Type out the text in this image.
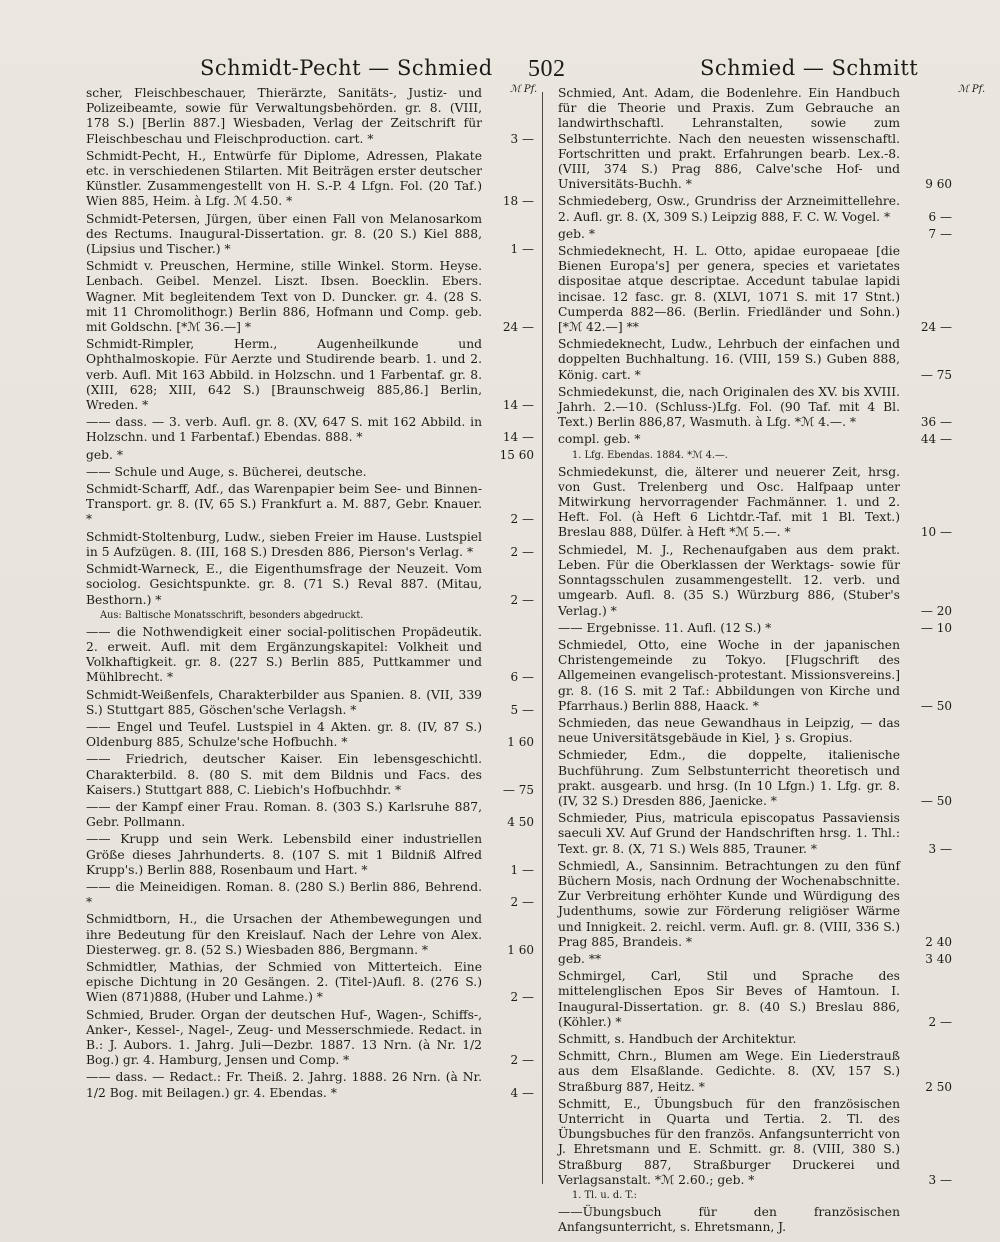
Schmidt-Pecht — Schmied 502	Schmied — Schmitt
ℳ Pf.	ℳ Pf.
scher, Fleischbeschauer, Thierärzte, Sanitäts-, Justiz- und Polizeibeamte, sowie für Verwaltungsbehörden. gr. 8. (VIII, 178 S.) [Berlin 887.] Wiesbaden, Verlag der Zeitschrift für Fleischbeschau und Fleischproduction. cart. *	3 —
Schmidt-Pecht, H., Entwürfe für Diplome, Adressen, Plakate etc. in verschiedenen Stilarten. Mit Beiträgen erster deutscher Künstler. Zusammengestellt von H. S.-P. 4 Lfgn. Fol. (20 Taf.) Wien 885, Heim. à Lfg. ℳ 4.50. *	18 —
Schmidt-Petersen, Jürgen, über einen Fall von Melanosarkom des Rectums. Inaugural-Dissertation. gr. 8. (20 S.) Kiel 888, (Lipsius und Tischer.) *	1 —
Schmidt v. Preuschen, Hermine, stille Winkel. Storm. Heyse. Lenbach. Geibel. Menzel. Liszt. Ibsen. Boecklin. Ebers. Wagner. Mit begleitendem Text von D. Duncker. gr. 4. (28 S. mit 11 Chromolithogr.) Berlin 886, Hofmann und Comp. geb. mit Goldschn. [*ℳ 36.—] *	24 —
Schmidt-Rimpler, Herm., Augenheilkunde und Ophthalmoskopie. Für Aerzte und Studirende bearb. 1. und 2. verb. Aufl. Mit 163 Abbild. in Holzschn. und 1 Farbentaf. gr. 8. (XIII, 628; XIII, 642 S.) [Braunschweig 885,86.] Berlin, Wreden. *	14 —
—— dass. — 3. verb. Aufl. gr. 8. (XV, 647 S. mit 162 Abbild. in Holzschn. und 1 Farbentaf.) Ebendas. 888. *	14 —
geb. *	15 60
—— Schule und Auge, s. Bücherei, deutsche.
Schmidt-Scharff, Adf., das Warenpapier beim See- und Binnen-Transport. gr. 8. (IV, 65 S.) Frankfurt a. M. 887, Gebr. Knauer. *	2 —
Schmidt-Stoltenburg, Ludw., sieben Freier im Hause. Lustspiel in 5 Aufzügen. 8. (III, 168 S.) Dresden 886, Pierson's Verlag. *	2 —
Schmidt-Warneck, E., die Eigenthumsfrage der Neuzeit. Vom sociolog. Gesichtspunkte. gr. 8. (71 S.) Reval 887. (Mitau, Besthorn.) *	2 —
Aus: Baltische Monatsschrift, besonders abgedruckt.
—— die Nothwendigkeit einer social-politischen Propädeutik. 2. erweit. Aufl. mit dem Ergänzungskapitel: Volkheit und Volkhaftigkeit. gr. 8. (227 S.) Berlin 885, Puttkammer und Mühlbrecht. *	6 —
Schmidt-Weißenfels, Charakterbilder aus Spanien. 8. (VII, 339 S.) Stuttgart 885, Göschen'sche Verlagsh. *	5 —
—— Engel und Teufel. Lustspiel in 4 Akten. gr. 8. (IV, 87 S.) Oldenburg 885, Schulze'sche Hofbuchh. *	1 60
—— Friedrich, deutscher Kaiser. Ein lebensgeschichtl. Charakterbild. 8. (80 S. mit dem Bildnis und Facs. des Kaisers.) Stuttgart 888, C. Liebich's Hofbuchhdr. *	— 75
—— der Kampf einer Frau. Roman. 8. (303 S.) Karlsruhe 887, Gebr. Pollmann.	4 50
—— Krupp und sein Werk. Lebensbild einer industriellen Größe dieses Jahrhunderts. 8. (107 S. mit 1 Bildniß Alfred Krupp's.) Berlin 888, Rosenbaum und Hart. *	1 —
—— die Meineidigen. Roman. 8. (280 S.) Berlin 886, Behrend. *	2 —
Schmidtborn, H., die Ursachen der Athembewegungen und ihre Bedeutung für den Kreislauf. Nach der Lehre von Alex. Diesterweg. gr. 8. (52 S.) Wiesbaden 886, Bergmann. *	1 60
Schmidtler, Mathias, der Schmied von Mitterteich. Eine epische Dichtung in 20 Gesängen. 2. (Titel-)Aufl. 8. (276 S.) Wien (871)888, (Huber und Lahme.) *	2 —
Schmied, Bruder. Organ der deutschen Huf-, Wagen-, Schiffs-, Anker-, Kessel-, Nagel-, Zeug- und Messerschmiede. Redact. in B.: J. Aubors. 1. Jahrg. Juli—Dezbr. 1887. 13 Nrn. (à Nr. 1/2 Bog.) gr. 4. Hamburg, Jensen und Comp. *	2 —
—— dass. — Redact.: Fr. Theiß. 2. Jahrg. 1888. 26 Nrn. (à Nr. 1/2 Bog. mit Beilagen.) gr. 4. Ebendas. *	4 —
Schmied, Ant. Adam, die Bodenlehre. Ein Handbuch für die Theorie und Praxis. Zum Gebrauche an landwirthschaftl. Lehranstalten, sowie zum Selbstunterrichte. Nach den neuesten wissenschaftl. Fortschritten und prakt. Erfahrungen bearb. Lex.-8. (VIII, 374 S.) Prag 886, Calve'sche Hof- und Universitäts-Buchh. *	9 60
Schmiedeberg, Osw., Grundriss der Arzneimittellehre. 2. Aufl. gr. 8. (X, 309 S.) Leipzig 888, F. C. W. Vogel. *	6 —
geb. *	7 —
Schmiedeknecht, H. L. Otto, apidae europaeae [die Bienen Europa's] per genera, species et varietates dispositae atque descriptae. Accedunt tabulae lapidi incisae. 12 fasc. gr. 8. (XLVI, 1071 S. mit 17 Stnt.) Cumperda 882—86. (Berlin. Friedländer und Sohn.) [*ℳ 42.—] **	24 —
Schmiedeknecht, Ludw., Lehrbuch der einfachen und doppelten Buchhaltung. 16. (VIII, 159 S.) Guben 888, König. cart. *	— 75
Schmiedekunst, die, nach Originalen des XV. bis XVIII. Jahrh. 2.—10. (Schluss-)Lfg. Fol. (90 Taf. mit 4 Bl. Text.) Berlin 886,87, Wasmuth. à Lfg. *ℳ 4.—. *	36 —
compl. geb. *	44 —
1. Lfg. Ebendas. 1884. *ℳ 4.—.
Schmiedekunst, die, älterer und neuerer Zeit, hrsg. von Gust. Trelenberg und Osc. Halfpaap unter Mitwirkung hervorragender Fachmänner. 1. und 2. Heft. Fol. (à Heft 6 Lichtdr.-Taf. mit 1 Bl. Text.) Breslau 888, Dülfer. à Heft *ℳ 5.—. *	10 —
Schmiedel, M. J., Rechenaufgaben aus dem prakt. Leben. Für die Oberklassen der Werktags- sowie für Sonntagsschulen zusammengestellt. 12. verb. und umgearb. Aufl. 8. (35 S.) Würzburg 886, (Stuber's Verlag.) *	— 20
—— Ergebnisse. 11. Aufl. (12 S.) *	— 10
Schmiedel, Otto, eine Woche in der japanischen Christengemeinde zu Tokyo. [Flugschrift des Allgemeinen evangelisch-protestant. Missionsvereins.] gr. 8. (16 S. mit 2 Taf.: Abbildungen von Kirche und Pfarrhaus.) Berlin 888, Haack. *	— 50
Schmieden, das neue Gewandhaus in Leipzig, — das neue Universitätsgebäude in Kiel, } s. Gropius.
Schmieder, Edm., die doppelte, italienische Buchführung. Zum Selbstunterricht theoretisch und prakt. ausgearb. und hrsg. (In 10 Lfgn.) 1. Lfg. gr. 8. (IV, 32 S.) Dresden 886, Jaenicke. *	— 50
Schmieder, Pius, matricula episcopatus Passaviensis saeculi XV. Auf Grund der Handschriften hrsg. 1. Thl.: Text. gr. 8. (X, 71 S.) Wels 885, Trauner. *	3 —
Schmiedl, A., Sansinnim. Betrachtungen zu den fünf Büchern Mosis, nach Ordnung der Wochenabschnitte. Zur Verbreitung erhöhter Kunde und Würdigung des Judenthums, sowie zur Förderung religiöser Wärme und Innigkeit. 2. reichl. verm. Aufl. gr. 8. (VIII, 336 S.) Prag 885, Brandeis. *	2 40
geb. **	3 40
Schmirgel, Carl, Stil und Sprache des mittelenglischen Epos Sir Beves of Hamtoun. I. Inaugural-Dissertation. gr. 8. (40 S.) Breslau 886, (Köhler.) *	2 —
Schmitt, s. Handbuch der Architektur.
Schmitt, Chrn., Blumen am Wege. Ein Liederstrauß aus dem Elsaßlande. Gedichte. 8. (XV, 157 S.) Straßburg 887, Heitz. *	2 50
Schmitt, E., Übungsbuch für den französischen Unterricht in Quarta und Tertia. 2. Tl. des Übungsbuches für den französ. Anfangsunterricht von J. Ehretsmann und E. Schmitt. gr. 8. (VIII, 380 S.) Straßburg 887, Straßburger Druckerei und Verlagsanstalt. *ℳ 2.60.; geb. *	3 —
1. Tl. u. d. T.:
——Übungsbuch für den französischen Anfangsunterricht, s. Ehretsmann, J.
